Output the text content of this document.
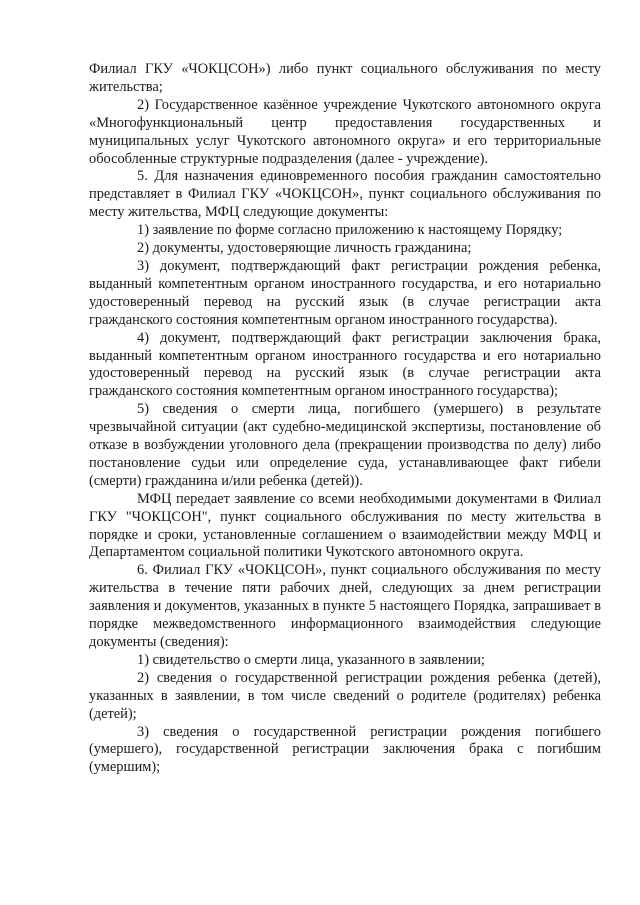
Филиал ГКУ «ЧОКЦСОН») либо пункт социального обслуживания по месту жительства;

2) Государственное казённое учреждение Чукотского автономного округа «Многофункциональный центр предоставления государственных и муниципальных услуг Чукотского автономного округа» и его территориальные обособленные структурные подразделения (далее - учреждение).

5. Для назначения единовременного пособия гражданин самостоятельно представляет в Филиал ГКУ «ЧОКЦСОН», пункт социального обслуживания по месту жительства, МФЦ следующие документы:

1) заявление по форме согласно приложению к настоящему Порядку;

2) документы, удостоверяющие личность гражданина;

3) документ, подтверждающий факт регистрации рождения ребенка, выданный компетентным органом иностранного государства, и его нотариально удостоверенный перевод на русский язык (в случае регистрации акта гражданского состояния компетентным органом иностранного государства).

4) документ, подтверждающий факт регистрации заключения брака, выданный компетентным органом иностранного государства и его нотариально удостоверенный перевод на русский язык (в случае регистрации акта гражданского состояния компетентным органом иностранного государства);

5) сведения о смерти лица, погибшего (умершего) в результате чрезвычайной ситуации (акт судебно-медицинской экспертизы, постановление об отказе в возбуждении уголовного дела (прекращении производства по делу) либо постановление судьи или определение суда, устанавливающее факт гибели (смерти) гражданина и/или ребенка (детей)).

МФЦ передает заявление со всеми необходимыми документами в Филиал ГКУ "ЧОКЦСОН", пункт социального обслуживания по месту жительства в порядке и сроки, установленные соглашением о взаимодействии между МФЦ и Департаментом социальной политики Чукотского автономного округа.

6. Филиал ГКУ «ЧОКЦСОН», пункт социального обслуживания по месту жительства в течение пяти рабочих дней, следующих за днем регистрации заявления и документов, указанных в пункте 5 настоящего Порядка, запрашивает в порядке межведомственного информационного взаимодействия следующие документы (сведения):

1) свидетельство о смерти лица, указанного в заявлении;

2) сведения о государственной регистрации рождения ребенка (детей), указанных в заявлении, в том числе сведений о родителе (родителях) ребенка (детей);

3) сведения о государственной регистрации рождения погибшего (умершего), государственной регистрации заключения брака с погибшим (умершим);
